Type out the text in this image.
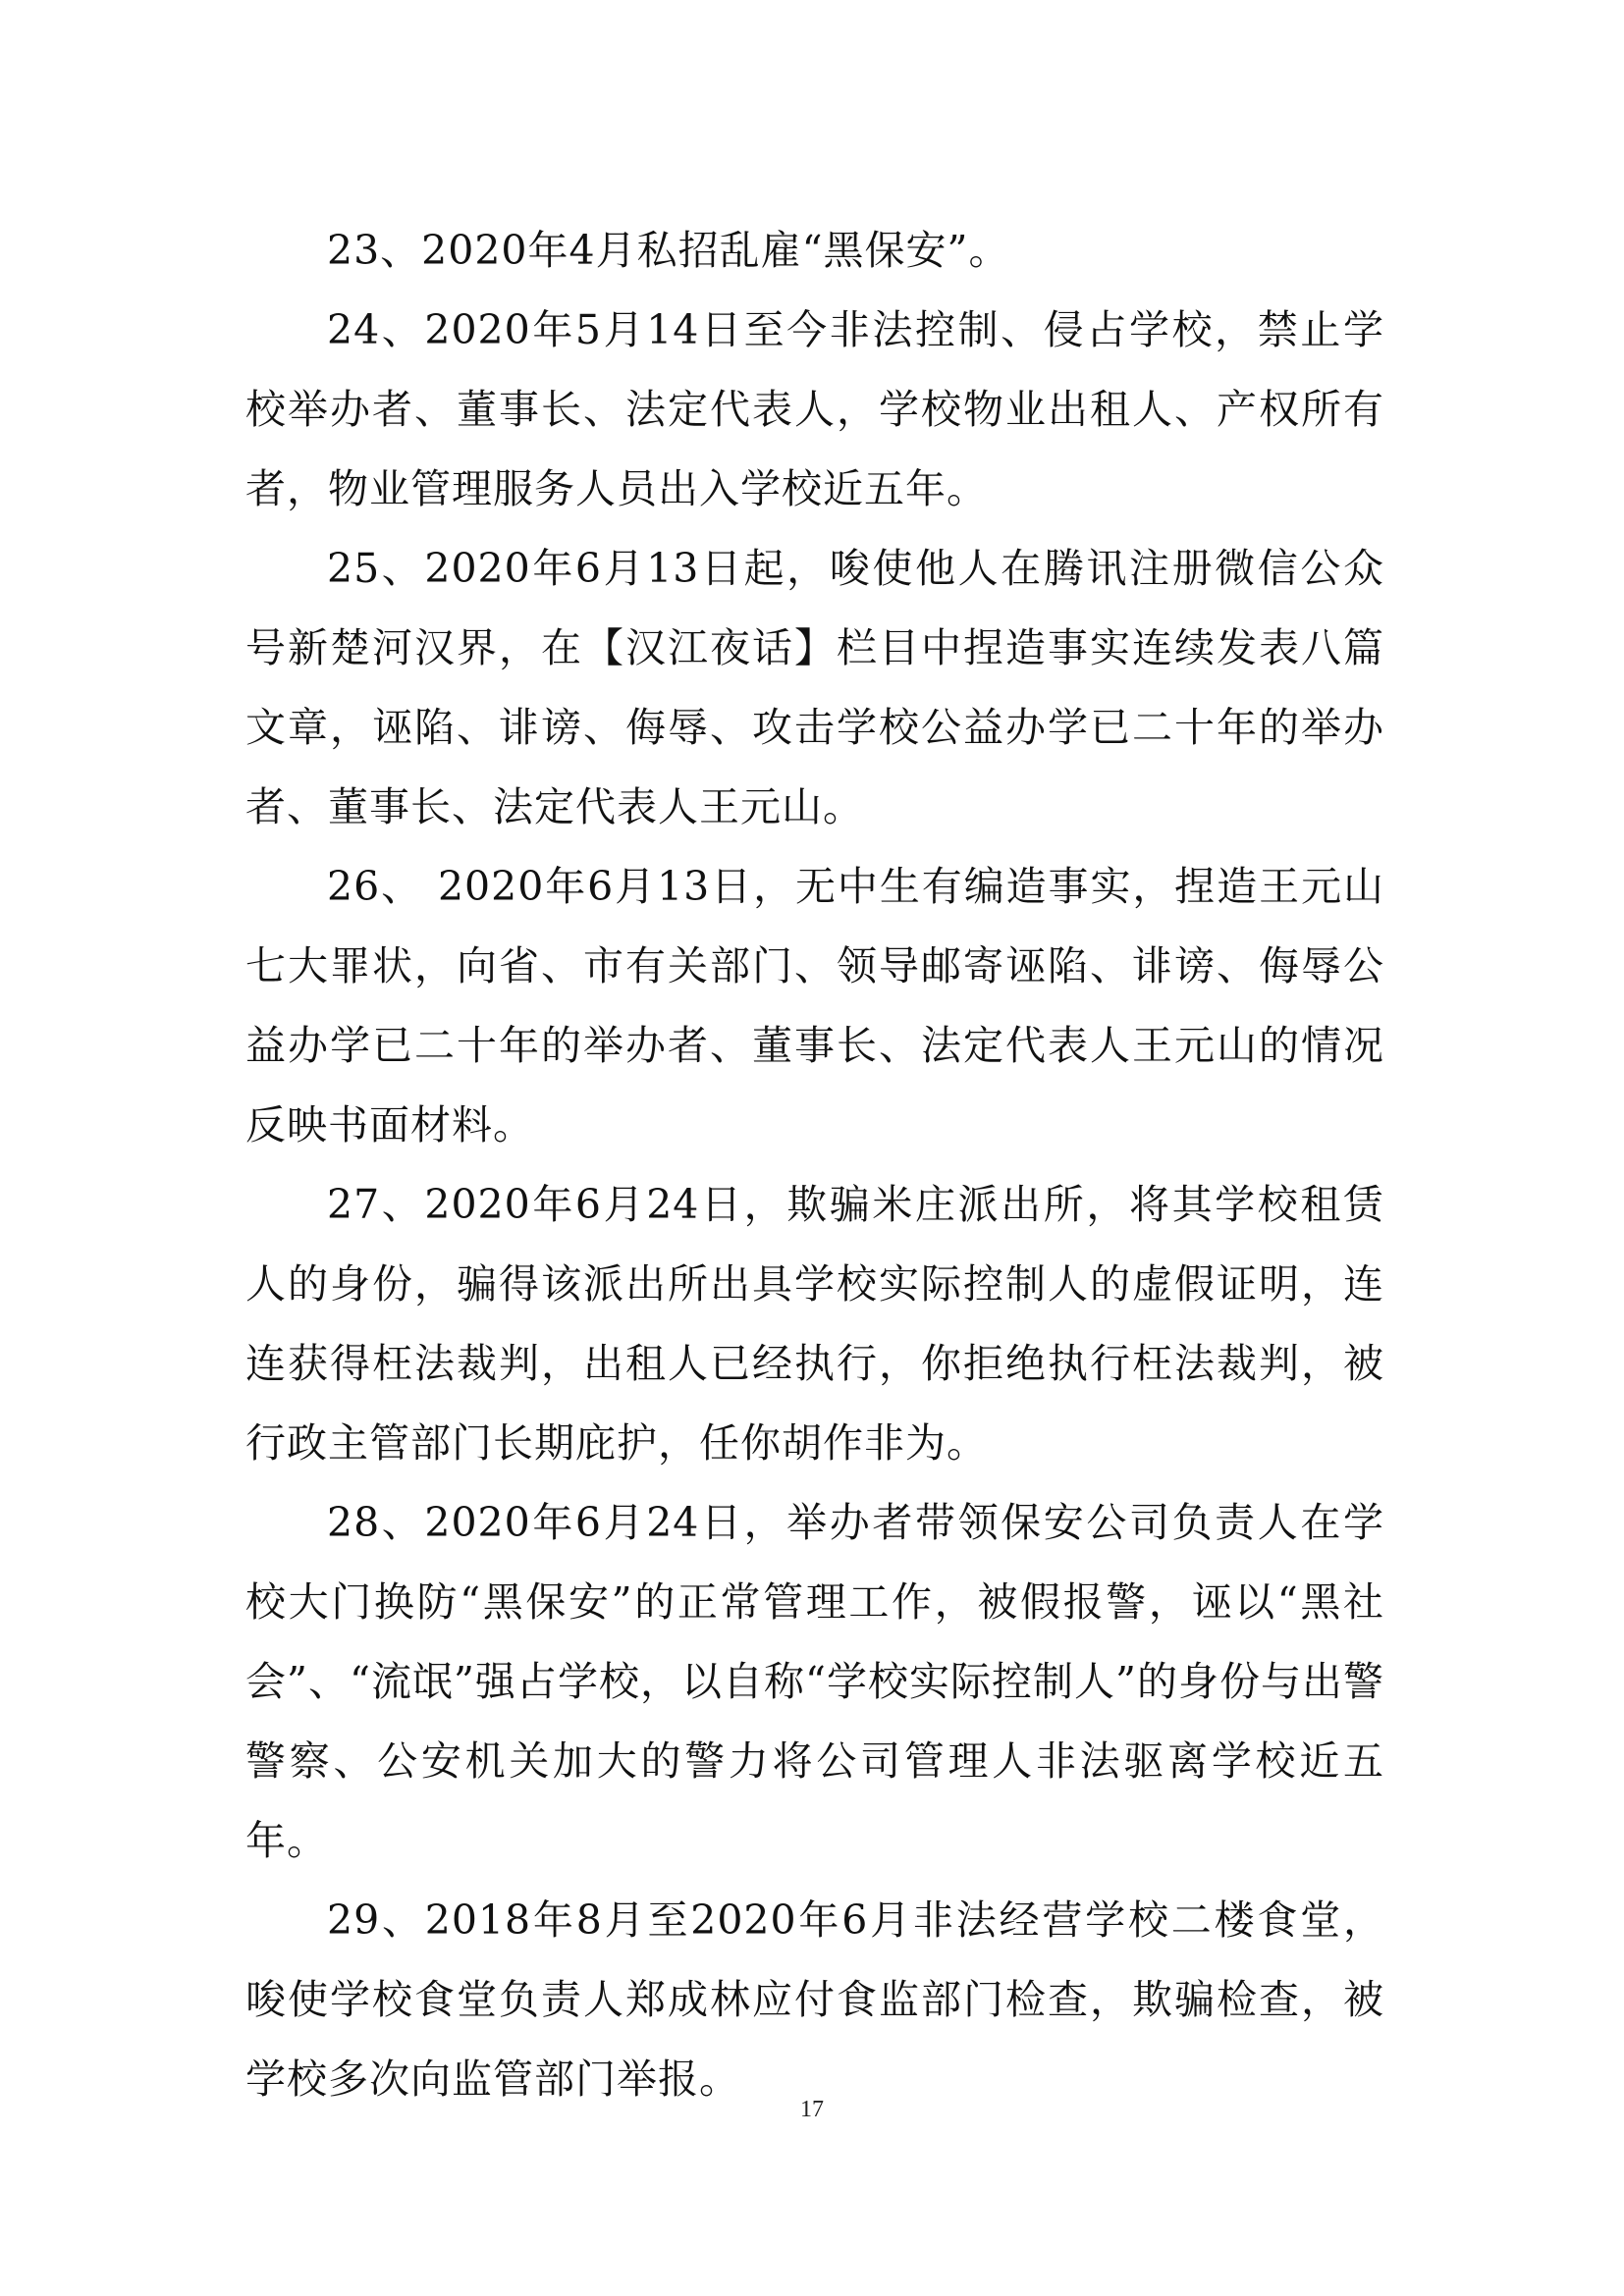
23、2020年4月私招乱雇“黑保安”。

24、2020年5月14日至今非法控制、侵占学校，禁止学校举办者、董事长、法定代表人，学校物业出租人、产权所有者，物业管理服务人员出入学校近五年。

25、2020年6月13日起，唆使他人在腾讯注册微信公众号新楚河汉界，在【汉江夜话】栏目中捏造事实连续发表八篇文章，诬陷、诽谤、侮辱、攻击学校公益办学已二十年的举办者、董事长、法定代表人王元山。

26、 2020年6月13日，无中生有编造事实，捏造王元山七大罪状，向省、市有关部门、领导邮寄诬陷、诽谤、侮辱公益办学已二十年的举办者、董事长、法定代表人王元山的情况反映书面材料。

27、2020年6月24日，欺骗米庄派出所，将其学校租赁人的身份，骗得该派出所出具学校实际控制人的虚假证明，连连获得枉法裁判，出租人已经执行，你拒绝执行枉法裁判，被行政主管部门长期庇护，任你胡作非为。

28、2020年6月24日，举办者带领保安公司负责人在学校大门换防“黑保安”的正常管理工作，被假报警，诬以“黑社会”、“流氓”强占学校，以自称“学校实际控制人”的身份与出警警察、公安机关加大的警力将公司管理人非法驱离学校近五年。

29、2018年8月至2020年6月非法经营学校二楼食堂，唆使学校食堂负责人郑成林应付食监部门检查，欺骗检查，被学校多次向监管部门举报。

17
